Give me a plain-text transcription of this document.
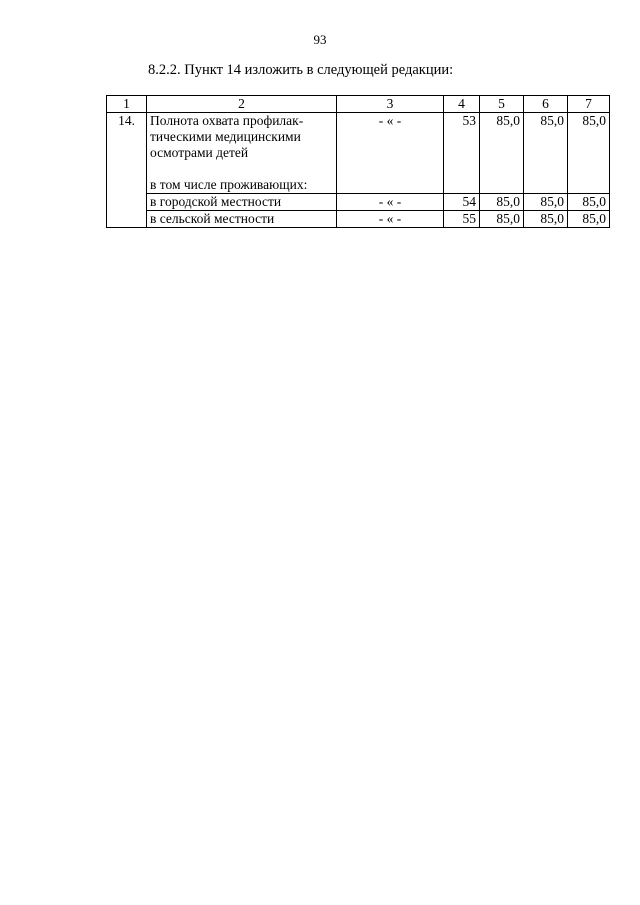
93
8.2.2. Пункт 14 изложить в следующей редакции:
1	2	3	4	5	6	7
14.	Полнота охвата профилак-
тическими медицинскими
осмотрами детей
в том числе проживающих:	- « -	53	85,0	85,0	85,0
	в городской местности	- « -	54	85,0	85,0	85,0
	в сельской местности	- « -	55	85,0	85,0	85,0
